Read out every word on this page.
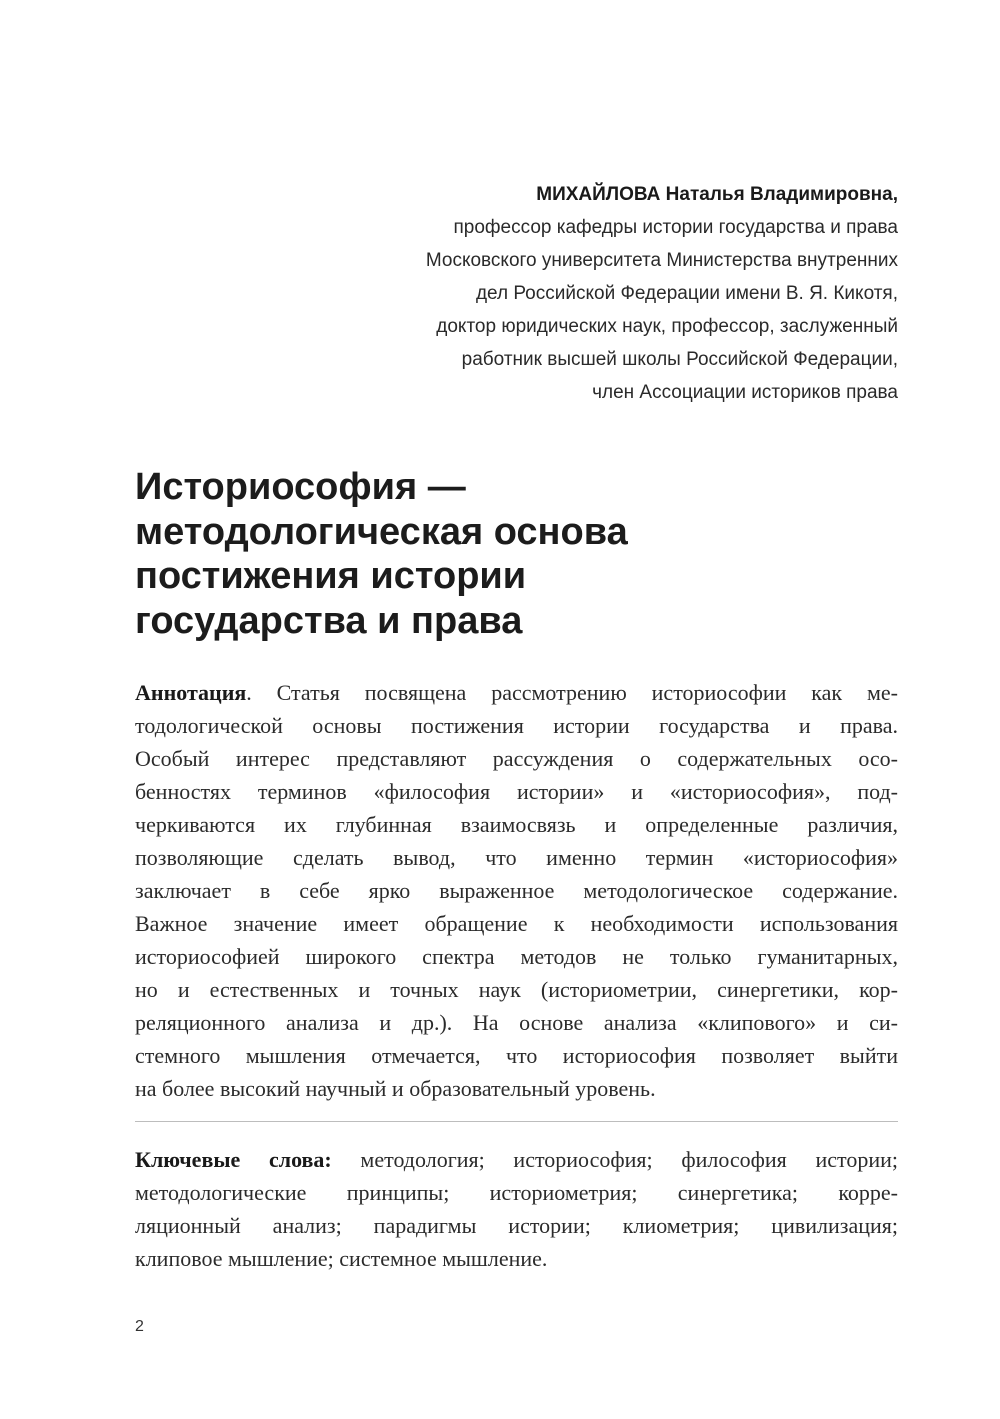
МИХАЙЛОВА Наталья Владимировна,
профессор кафедры истории государства и права
Московского университета Министерства внутренних
дел Российской Федерации имени В. Я. Кикотя,
доктор юридических наук, профессор, заслуженный
работник высшей школы Российской Федерации,
член Ассоциации историков права
Историософия —
методологическая основа
постижения истории
государства и права
Аннотация. Статья посвящена рассмотрению историософии как ме-
тодологической основы постижения истории государства и права.
Особый интерес представляют рассуждения о содержательных осо-
бенностях терминов «философия истории» и «историософия», под-
черкиваются их глубинная взаимосвязь и определенные различия,
позволяющие сделать вывод, что именно термин «историософия»
заключает в себе ярко выраженное методологическое содержание.
Важное значение имеет обращение к необходимости использования
историософией широкого спектра методов не только гуманитарных,
но и естественных и точных наук (историометрии, синергетики, кор-
реляционного анализа и др.). На основе анализа «клипового» и си-
стемного мышления отмечается, что историософия позволяет выйти
на более высокий научный и образовательный уровень.
Ключевые слова: методология; историософия; философия истории;
методологические принципы; историометрия; синергетика; корре-
ляционный анализ; парадигмы истории; клиометрия; цивилизация;
клиповое мышление; системное мышление.
2
